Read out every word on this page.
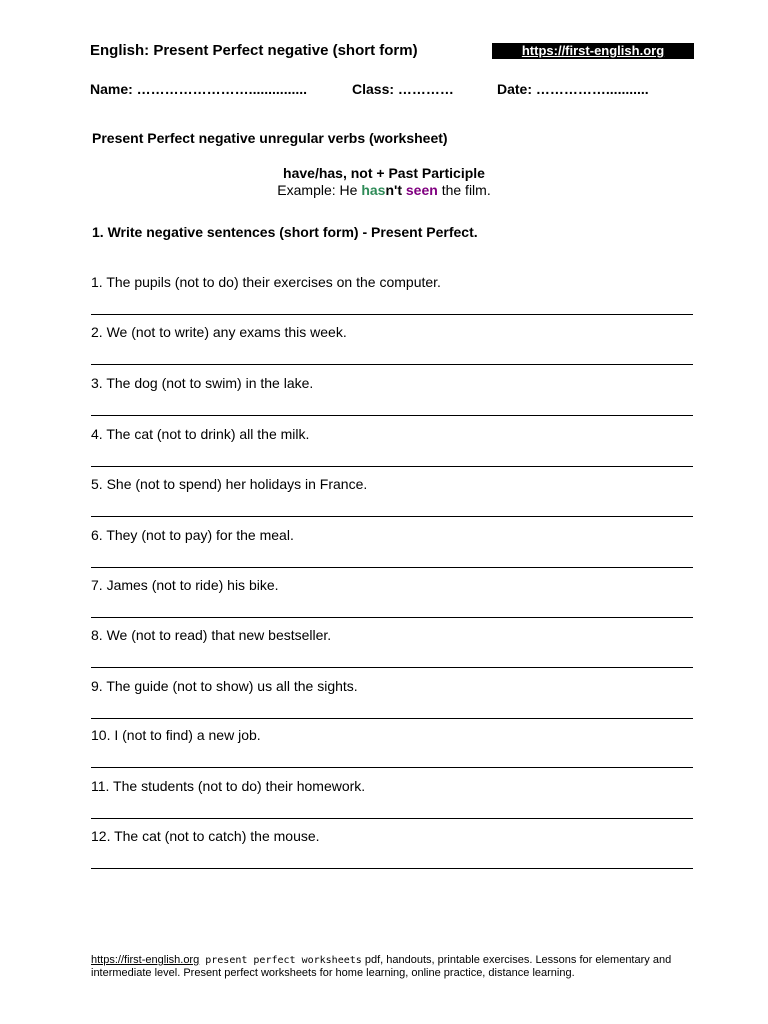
English: Present Perfect negative (short form)	https://first-english.org
Name: ……………………...............	Class: …………	Date: ……………...........
Present Perfect negative unregular verbs (worksheet)
have/has, not + Past Participle
Example: He hasn't seen the film.
1. Write negative sentences (short form) - Present Perfect.
1. The pupils (not to do) their exercises on the computer.
2. We (not to write) any exams this week.
3. The dog (not to swim) in the lake.
4. The cat (not to drink) all the milk.
5. She (not to spend) her holidays in France.
6. They (not to pay) for the meal.
7. James (not to ride) his bike.
8. We (not to read) that new bestseller.
9. The guide (not to show) us all the sights.
10. I (not to find) a new job.
11. The students (not to do) their homework.
12. The cat (not to catch) the mouse.
https://first-english.org present perfect worksheets pdf, handouts, printable exercises. Lessons for elementary and intermediate level. Present perfect worksheets for home learning, online practice, distance learning.
